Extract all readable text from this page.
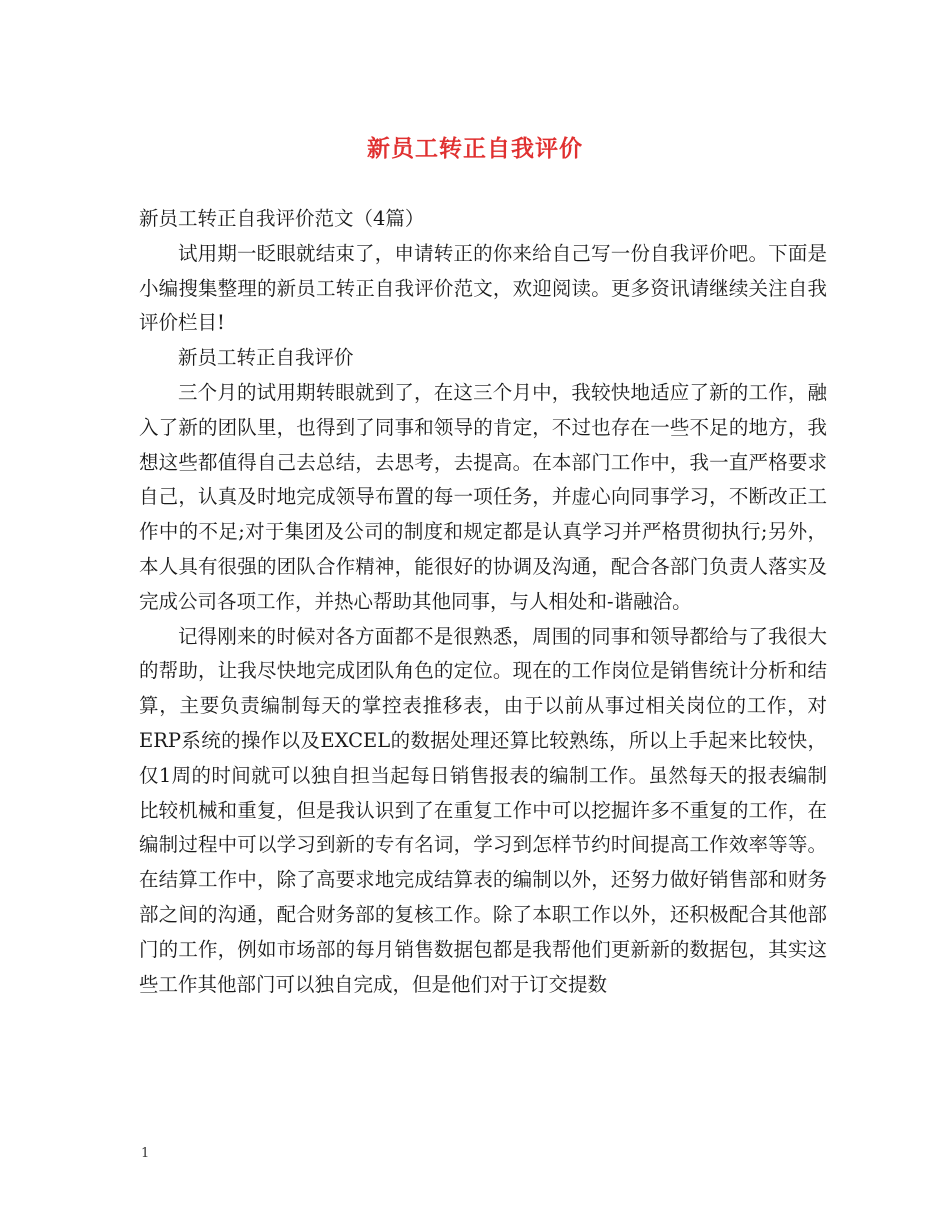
新员工转正自我评价

新员工转正自我评价范文（4篇）

试用期一眨眼就结束了，申请转正的你来给自己写一份自我评价吧。下面是小编搜集整理的新员工转正自我评价范文，欢迎阅读。更多资讯请继续关注自我评价栏目!

新员工转正自我评价

三个月的试用期转眼就到了，在这三个月中，我较快地适应了新的工作，融入了新的团队里，也得到了同事和领导的肯定，不过也存在一些不足的地方，我想这些都值得自己去总结，去思考，去提高。在本部门工作中，我一直严格要求自己，认真及时地完成领导布置的每一项任务，并虚心向同事学习，不断改正工作中的不足;对于集团及公司的制度和规定都是认真学习并严格贯彻执行;另外，本人具有很强的团队合作精神，能很好的协调及沟通，配合各部门负责人落实及完成公司各项工作，并热心帮助其他同事，与人相处和-谐融洽。

记得刚来的时候对各方面都不是很熟悉，周围的同事和领导都给与了我很大的帮助，让我尽快地完成团队角色的定位。现在的工作岗位是销售统计分析和结算，主要负责编制每天的掌控表推移表，由于以前从事过相关岗位的工作，对ERP系统的操作以及EXCEL的数据处理还算比较熟练，所以上手起来比较快，仅1周的时间就可以独自担当起每日销售报表的编制工作。虽然每天的报表编制比较机械和重复，但是我认识到了在重复工作中可以挖掘许多不重复的工作，在编制过程中可以学习到新的专有名词，学习到怎样节约时间提高工作效率等等。在结算工作中，除了高要求地完成结算表的编制以外，还努力做好销售部和财务部之间的沟通，配合财务部的复核工作。除了本职工作以外，还积极配合其他部门的工作，例如市场部的每月销售数据包都是我帮他们更新新的数据包，其实这些工作其他部门可以独自完成，但是他们对于订交提数

1
